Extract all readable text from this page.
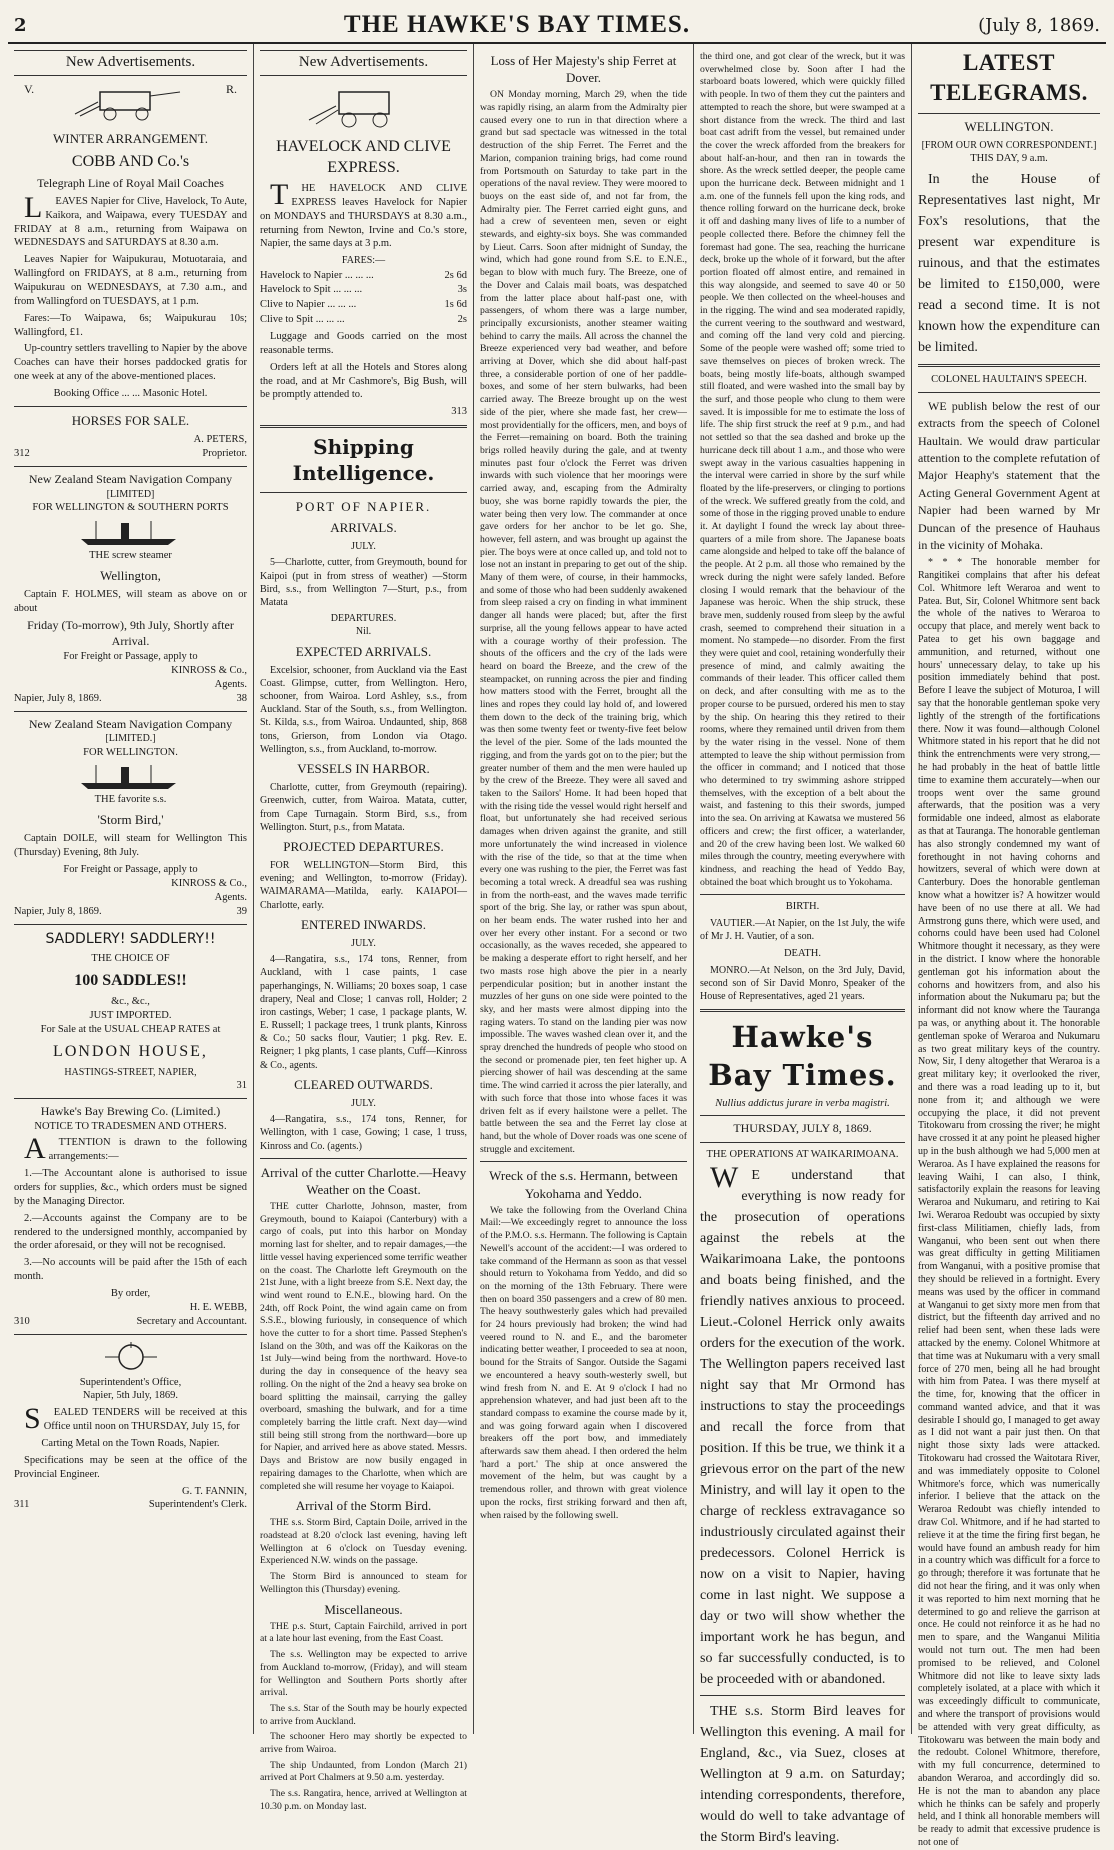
2	THE HAWKE'S BAY TIMES.	(July 8, 1869.
New Advertisements.
V.	R.
WINTER ARRANGEMENT.
COBB AND Co.'s
Telegraph Line of Royal Mail Coaches

LEAVES Napier for Clive, Havelock, To Aute, Kaikora, and Waipawa, every TUESDAY and FRIDAY at 8 a.m., returning from Waipawa on WEDNESDAYS and SATURDAYS at 8.30 a.m.

Leaves Napier for Waipukurau, Motuotaraia, and Wallingford on FRIDAYS, at 8 a.m., returning from Waipukurau on WEDNESDAYS, at 7.30 a.m., and from Wallingford on TUESDAYS, at 1 p.m.

Fares:—To Waipawa, 6s; Waipukurau 10s; Wallingford, £1.

Up-country settlers travelling to Napier by the above Coaches can have their horses paddocked gratis for one week at any of the above-mentioned places.

Booking Office ... ... Masonic Hotel.
HORSES FOR SALE.
A. PETERS,
312	Proprietor.
New Zealand Steam Navigation Company
[LIMITED]
FOR WELLINGTON & SOUTHERN PORTS
THE screw steamer
Wellington,

Captain F. HOLMES, will steam as above on or about

Friday (To-morrow), 9th July, Shortly after Arrival.
For Freight or Passage, apply to
KINROSS & Co.,
Agents.
Napier, July 8, 1869.	38
New Zealand Steam Navigation Company
[LIMITED.]
FOR WELLINGTON.
THE favorite s.s.
'Storm Bird,'

Captain DOILE, will steam for Wellington This (Thursday) Evening, 8th July.

For Freight or Passage, apply to
KINROSS & Co.,
Agents.
Napier, July 8, 1869.	39
SADDLERY! SADDLERY!!
THE CHOICE OF
100 SADDLES!!
&c., &c.,
JUST IMPORTED.
For Sale at the USUAL CHEAP RATES at
LONDON HOUSE,
HASTINGS-STREET, NAPIER,
31
Hawke's Bay Brewing Co. (Limited.)
NOTICE TO TRADESMEN AND OTHERS.

ATTENTION is drawn to the following arrangements:—

1.—The Accountant alone is authorised to issue orders for supplies, &c., which orders must be signed by the Managing Director.

2.—Accounts against the Company are to be rendered to the undersigned monthly, accompanied by the order aforesaid, or they will not be recognised.

3.—No accounts will be paid after the 15th of each month.

By order,
H. E. WEBB,
310	Secretary and Accountant.
Superintendent's Office,
Napier, 5th July, 1869.

SEALED TENDERS will be received at this Office until noon on THURSDAY, July 15, for

Carting Metal on the Town Roads, Napier.

Specifications may be seen at the office of the Provincial Engineer.

G. T. FANNIN,
311	Superintendent's Clerk.
New Advertisements.
HAVELOCK AND CLIVE EXPRESS.

THE HAVELOCK AND CLIVE EXPRESS leaves Havelock for Napier on MONDAYS and THURSDAYS at 8.30 a.m., returning from Newton, Irvine and Co.'s store, Napier, the same days at 3 p.m.

FARES:—
Havelock to Napier ... ... ...	2s 6d
Havelock to Spit ... ... ...	3s
Clive to Napier ... ... ...	1s 6d
Clive to Spit ... ... ...	2s

Luggage and Goods carried on the most reasonable terms.

Orders left at all the Hotels and Stores along the road, and at Mr Cashmore's, Big Bush, will be promptly attended to.

313
Shipping Intelligence.
PORT OF NAPIER.
ARRIVALS.
JULY.

5—Charlotte, cutter, from Greymouth, bound for Kaipoi (put in from stress of weather) —Storm Bird, s.s., from Wellington 7—Sturt, p.s., from Matata

DEPARTURES.
Nil.
EXPECTED ARRIVALS.

Excelsior, schooner, from Auckland via the East Coast. Glimpse, cutter, from Wellington. Hero, schooner, from Wairoa. Lord Ashley, s.s., from Auckland. Star of the South, s.s., from Wellington. St. Kilda, s.s., from Wairoa. Undaunted, ship, 868 tons, Grierson, from London via Otago. Wellington, s.s., from Auckland, to-morrow.

VESSELS IN HARBOR.

Charlotte, cutter, from Greymouth (repairing). Greenwich, cutter, from Wairoa. Matata, cutter, from Cape Turnagain. Storm Bird, s.s., from Wellington. Sturt, p.s., from Matata.

PROJECTED DEPARTURES.

FOR WELLINGTON—Storm Bird, this evening; and Wellington, to-morrow (Friday). WAIMARAMA—Matilda, early. KAIAPOI—Charlotte, early.

ENTERED INWARDS.
JULY.

4—Rangatira, s.s., 174 tons, Renner, from Auckland, with 1 case paints, 1 case paperhangings, N. Williams; 20 boxes soap, 1 case drapery, Neal and Close; 1 canvas roll, Holder; 2 iron castings, Weber; 1 case, 1 package plants, W. E. Russell; 1 package trees, 1 trunk plants, Kinross & Co.; 50 sacks flour, Vautier; 1 pkg. Rev. E. Reigner; 1 pkg plants, 1 case plants, Cuff—Kinross & Co., agents.

CLEARED OUTWARDS.
JULY.

4—Rangatira, s.s., 174 tons, Renner, for Wellington, with 1 case, Gowing; 1 case, 1 truss, Kinross and Co. (agents.)

Arrival of the cutter Charlotte.—Heavy Weather on the Coast.

THE cutter Charlotte, Johnson, master, from Greymouth, bound to Kaiapoi (Canterbury) with a cargo of coals, put into this harbor on Monday morning last for shelter, and to repair damages,—the little vessel having experienced some terrific weather on the coast. The Charlotte left Greymouth on the 21st June, with a light breeze from S.E. Next day, the wind went round to E.N.E., blowing hard. On the 24th, off Rock Point, the wind again came on from S.S.E., blowing furiously, in consequence of which hove the cutter to for a short time. Passed Stephen's Island on the 30th, and was off the Kaikoras on the 1st July—wind being from the northward. Hove-to during the day in consequence of the heavy sea rolling. On the night of the 2nd a heavy sea broke on board splitting the mainsail, carrying the galley overboard, smashing the bulwark, and for a time completely barring the little craft. Next day—wind still being still strong from the northward—bore up for Napier, and arrived here as above stated. Messrs. Days and Bristow are now busily engaged in repairing damages to the Charlotte, when which are completed she will resume her voyage to Kaiapoi.

Arrival of the Storm Bird.

THE s.s. Storm Bird, Captain Doile, arrived in the roadstead at 8.20 o'clock last evening, having left Wellington at 6 o'clock on Tuesday evening. Experienced N.W. winds on the passage.

The Storm Bird is announced to steam for Wellington this (Thursday) evening.

Miscellaneous.

THE p.s. Sturt, Captain Fairchild, arrived in port at a late hour last evening, from the East Coast.

The s.s. Wellington may be expected to arrive from Auckland to-morrow, (Friday), and will steam for Wellington and Southern Ports shortly after arrival.

The s.s. Star of the South may be hourly expected to arrive from Auckland.

The schooner Hero may shortly be expected to arrive from Wairoa.

The ship Undaunted, from London (March 21) arrived at Port Chalmers at 9.50 a.m. yesterday.

The s.s. Rangatira, hence, arrived at Wellington at 10.30 p.m. on Monday last.

Loss of Her Majesty's ship Ferret at Dover.

ON Monday morning, March 29, when the tide was rapidly rising, an alarm from the Admiralty pier caused every one to run in that direction where a grand but sad spectacle was witnessed in the total destruction of the ship Ferret. The Ferret and the Marion, companion training brigs, had come round from Portsmouth on Saturday to take part in the operations of the naval review. They were moored to buoys on the east side of, and not far from, the Admiralty pier. The Ferret carried eight guns, and had a crew of seventeen men, seven or eight stewards, and eighty-six boys. She was commanded by Lieut. Carrs. Soon after midnight of Sunday, the wind, which had gone round from S.E. to E.N.E., began to blow with much fury. The Breeze, one of the Dover and Calais mail boats, was despatched from the latter place about half-past one, with passengers, of whom there was a large number, principally excursionists, another steamer waiting behind to carry the mails. All across the channel the Breeze experienced very bad weather, and before arriving at Dover, which she did about half-past three, a considerable portion of one of her paddle-boxes, and some of her stern bulwarks, had been carried away. The Breeze brought up on the west side of the pier, where she made fast, her crew—most providentially for the officers, men, and boys of the Ferret—remaining on board. Both the training brigs rolled heavily during the gale, and at twenty minutes past four o'clock the Ferret was driven inwards with such violence that her moorings were carried away, and, escaping from the Admiralty buoy, she was borne rapidly towards the pier, the water being then very low. The commander at once gave orders for her anchor to be let go. She, however, fell astern, and was brought up against the pier. The boys were at once called up, and told not to lose not an instant in preparing to get out of the ship. Many of them were, of course, in their hammocks, and some of those who had been suddenly awakened from sleep raised a cry on finding in what imminent danger all hands were placed; but, after the first surprise, all the young fellows appear to have acted with a courage worthy of their profession. The shouts of the officers and the cry of the lads were heard on board the Breeze, and the crew of the steampacket, on running across the pier and finding how matters stood with the Ferret, brought all the lines and ropes they could lay hold of, and lowered them down to the deck of the training brig, which was then some twenty feet or twenty-five feet below the level of the pier. Some of the lads mounted the rigging, and from the yards got on to the pier; but the greater number of them and the men were hauled up by the crew of the Breeze. They were all saved and taken to the Sailors' Home. It had been hoped that with the rising tide the vessel would right herself and float, but unfortunately she had received serious damages when driven against the granite, and still more unfortunately the wind increased in violence with the rise of the tide, so that at the time when every one was rushing to the pier, the Ferret was fast becoming a total wreck. A dreadful sea was rushing in from the north-east, and the waves made terrific sport of the brig. She lay, or rather was spun about, on her beam ends. The water rushed into her and over her every other instant. For a second or two occasionally, as the waves receded, she appeared to be making a desperate effort to right herself, and her two masts rose high above the pier in a nearly perpendicular position; but in another instant the muzzles of her guns on one side were pointed to the sky, and her masts were almost dipping into the raging waters. To stand on the landing pier was now impossible. The waves washed clean over it, and the spray drenched the hundreds of people who stood on the second or promenade pier, ten feet higher up. A piercing shower of hail was descending at the same time. The wind carried it across the pier laterally, and with such force that those into whose faces it was driven felt as if every hailstone were a pellet. The battle between the sea and the Ferret lay close at hand, but the whole of Dover roads was one scene of struggle and excitement.

Wreck of the s.s. Hermann, between Yokohama and Yeddo.

We take the following from the Overland China Mail:—We exceedingly regret to announce the loss of the P.M.O. s.s. Hermann. The following is Captain Newell's account of the accident:—I was ordered to take command of the Hermann as soon as that vessel should return to Yokohama from Yeddo, and did so on the morning of the 13th February. There were then on board 350 passengers and a crew of 80 men. The heavy southwesterly gales which had prevailed for 24 hours previously had broken; the wind had veered round to N. and E., and the barometer indicating better weather, I proceeded to sea at noon, bound for the Straits of Sangor. Outside the Sagami we encountered a heavy south-westerly swell, but wind fresh from N. and E. At 9 o'clock I had no apprehension whatever, and had just been aft to the standard compass to examine the course made by it, and was going forward again when I discovered breakers off the port bow, and immediately afterwards saw them ahead. I then ordered the helm 'hard a port.' The ship at once answered the movement of the helm, but was caught by a tremendous roller, and thrown with great violence upon the rocks, first striking forward and then aft, when raised by the following swell.

the third one, and got clear of the wreck, but it was overwhelmed close by. Soon after I had the starboard boats lowered, which were quickly filled with people. In two of them they cut the painters and attempted to reach the shore, but were swamped at a short distance from the wreck. The third and last boat cast adrift from the vessel, but remained under the cover the wreck afforded from the breakers for about half-an-hour, and then ran in towards the shore. As the wreck settled deeper, the people came upon the hurricane deck. Between midnight and 1 a.m. one of the funnels fell upon the king rods, and thence rolling forward on the hurricane deck, broke it off and dashing many lives of life to a number of people collected there. Before the chimney fell the foremast had gone. The sea, reaching the hurricane deck, broke up the whole of it forward, but the after portion floated off almost entire, and remained in this way alongside, and seemed to save 40 or 50 people. We then collected on the wheel-houses and in the rigging. The wind and sea moderated rapidly, the current veering to the southward and westward, and coming off the land very cold and piercing. Some of the people were washed off; some tried to save themselves on pieces of broken wreck. The boats, being mostly life-boats, although swamped still floated, and were washed into the small bay by the surf, and those people who clung to them were saved. It is impossible for me to estimate the loss of life. The ship first struck the reef at 9 p.m., and had not settled so that the sea dashed and broke up the hurricane deck till about 1 a.m., and those who were swept away in the various casualties happening in the interval were carried in shore by the surf while floated by the life-preservers, or clinging to portions of the wreck. We suffered greatly from the cold, and some of those in the rigging proved unable to endure it. At daylight I found the wreck lay about three-quarters of a mile from shore. The Japanese boats came alongside and helped to take off the balance of the people. At 2 p.m. all those who remained by the wreck during the night were safely landed. Before closing I would remark that the behaviour of the Japanese was heroic. When the ship struck, these brave men, suddenly roused from sleep by the awful crash, seemed to comprehend their situation in a moment. No stampede—no disorder. From the first they were quiet and cool, retaining wonderfully their presence of mind, and calmly awaiting the commands of their leader. This officer called them on deck, and after consulting with me as to the proper course to be pursued, ordered his men to stay by the ship. On hearing this they retired to their rooms, where they remained until driven from them by the water rising in the vessel. None of them attempted to leave the ship without permission from the officer in command; and I noticed that those who determined to try swimming ashore stripped themselves, with the exception of a belt about the waist, and fastening to this their swords, jumped into the sea. On arriving at Kawatsa we mustered 56 officers and crew; the first officer, a waterlander, and 20 of the crew having been lost. We walked 60 miles through the country, meeting everywhere with kindness, and reaching the head of Yeddo Bay, obtained the boat which brought us to Yokohama.

BIRTH.

VAUTIER.—At Napier, on the 1st July, the wife of Mr J. H. Vautier, of a son.

DEATH.

MONRO.—At Nelson, on the 3rd July, David, second son of Sir David Monro, Speaker of the House of Representatives, aged 21 years.

Hawke's Bay Times.
Nullius addictus jurare in verba magistri.
THURSDAY, JULY 8, 1869.
THE OPERATIONS AT WAIKARIMOANA.

WE understand that everything is now ready for the prosecution of operations against the rebels at the Waikarimoana Lake, the pontoons and boats being finished, and the friendly natives anxious to proceed. Lieut.-Colonel Herrick only awaits orders for the execution of the work. The Wellington papers received last night say that Mr Ormond has instructions to stay the proceedings and recall the force from that position. If this be true, we think it a grievous error on the part of the new Ministry, and will lay it open to the charge of reckless extravagance so industriously circulated against their predecessors. Colonel Herrick is now on a visit to Napier, having come in last night. We suppose a day or two will show whether the important work he has begun, and so far successfully conducted, is to be proceeded with or abandoned.

THE s.s. Storm Bird leaves for Wellington this evening. A mail for England, &c., via Suez, closes at Wellington at 9 a.m. on Saturday; intending correspondents, therefore, would do well to take advantage of the Storm Bird's leaving.

LATEST TELEGRAMS.
WELLINGTON.
[FROM OUR OWN CORRESPONDENT.]
THIS DAY, 9 a.m.

In the House of Representatives last night, Mr Fox's resolutions, that the present war expenditure is ruinous, and that the estimates be limited to £150,000, were read a second time. It is not known how the expenditure can be limited.

COLONEL HAULTAIN'S SPEECH.

WE publish below the rest of our extracts from the speech of Colonel Haultain. We would draw particular attention to the complete refutation of Major Heaphy's statement that the Acting General Government Agent at Napier had been warned by Mr Duncan of the presence of Hauhaus in the vicinity of Mohaka.

* * * The honorable member for Rangitikei complains that after his defeat Col. Whitmore left Weraroa and went to Patea. But, Sir, Colonel Whitmore sent back the whole of the natives to Weraroa to occupy that place, and merely went back to Patea to get his own baggage and ammunition, and returned, without one hours' unnecessary delay, to take up his position immediately behind that post. Before I leave the subject of Moturoa, I will say that the honorable gentleman spoke very lightly of the strength of the fortifications there. Now it was found—although Colonel Whitmore stated in his report that he did not think the entrenchments were very strong,—he had probably in the heat of battle little time to examine them accurately—when our troops went over the same ground afterwards, that the position was a very formidable one indeed, almost as elaborate as that at Tauranga. The honorable gentleman has also strongly condemned my want of forethought in not having cohorns and howitzers, several of which were down at Canterbury. Does the honorable gentleman know what a howitzer is? A howitzer would have been of no use there at all. We had Armstrong guns there, which were used, and cohorns could have been used had Colonel Whitmore thought it necessary, as they were in the district. I know where the honorable gentleman got his information about the cohorns and howitzers from, and also his information about the Nukumaru pa; but the informant did not know where the Tauranga pa was, or anything about it. The honorable gentleman spoke of Weraroa and Nukumaru as two great military keys of the country. Now, Sir, I deny altogether that Weraroa is a great military key; it overlooked the river, and there was a road leading up to it, but none from it; and although we were occupying the place, it did not prevent Titokowaru from crossing the river; he might have crossed it at any point he pleased higher up in the bush although we had 5,000 men at Weraroa. As I have explained the reasons for leaving Waihi, I can also, I think, satisfactorily explain the reasons for leaving Weraroa and Nukumaru, and retiring to Kai Iwi. Weraroa Redoubt was occupied by sixty first-class Militiamen, chiefly lads, from Wanganui, who been sent out when there was great difficulty in getting Militiamen from Wanganui, with a positive promise that they should be relieved in a fortnight. Every means was used by the officer in command at Wanganui to get sixty more men from that district, but the fifteenth day arrived and no relief had been sent, when these lads were attacked by the enemy. Colonel Whitmore at that time was at Nukumaru with a very small force of 270 men, being all he had brought with him from Patea. I was there myself at the time, for, knowing that the officer in command wanted advice, and that it was desirable I should go, I managed to get away as I did not want a pair just then. On that night those sixty lads were attacked. Titokowaru had crossed the Waitotara River, and was immediately opposite to Colonel Whitmore's force, which was numerically inferior. I believe that the attack on the Weraroa Redoubt was chiefly intended to draw Col. Whitmore, and if he had started to relieve it at the time the firing first began, he would have found an ambush ready for him in a country which was difficult for a force to go through; therefore it was fortunate that he did not hear the firing, and it was only when it was reported to him next morning that he determined to go and relieve the garrison at once. He could not reinforce it as he had no men to spare, and the Wanganui Militia would not turn out. The men had been promised to be relieved, and Colonel Whitmore did not like to leave sixty lads completely isolated, at a place with which it was exceedingly difficult to communicate, and where the transport of provisions would be attended with very great difficulty, as Titokowaru was between the main body and the redoubt. Colonel Whitmore, therefore, with my full concurrence, determined to abandon Weraroa, and accordingly did so. He is not the man to abandon any place which he thinks can be safely and properly held, and I think all honorable members will be ready to admit that excessive prudence is not one of
